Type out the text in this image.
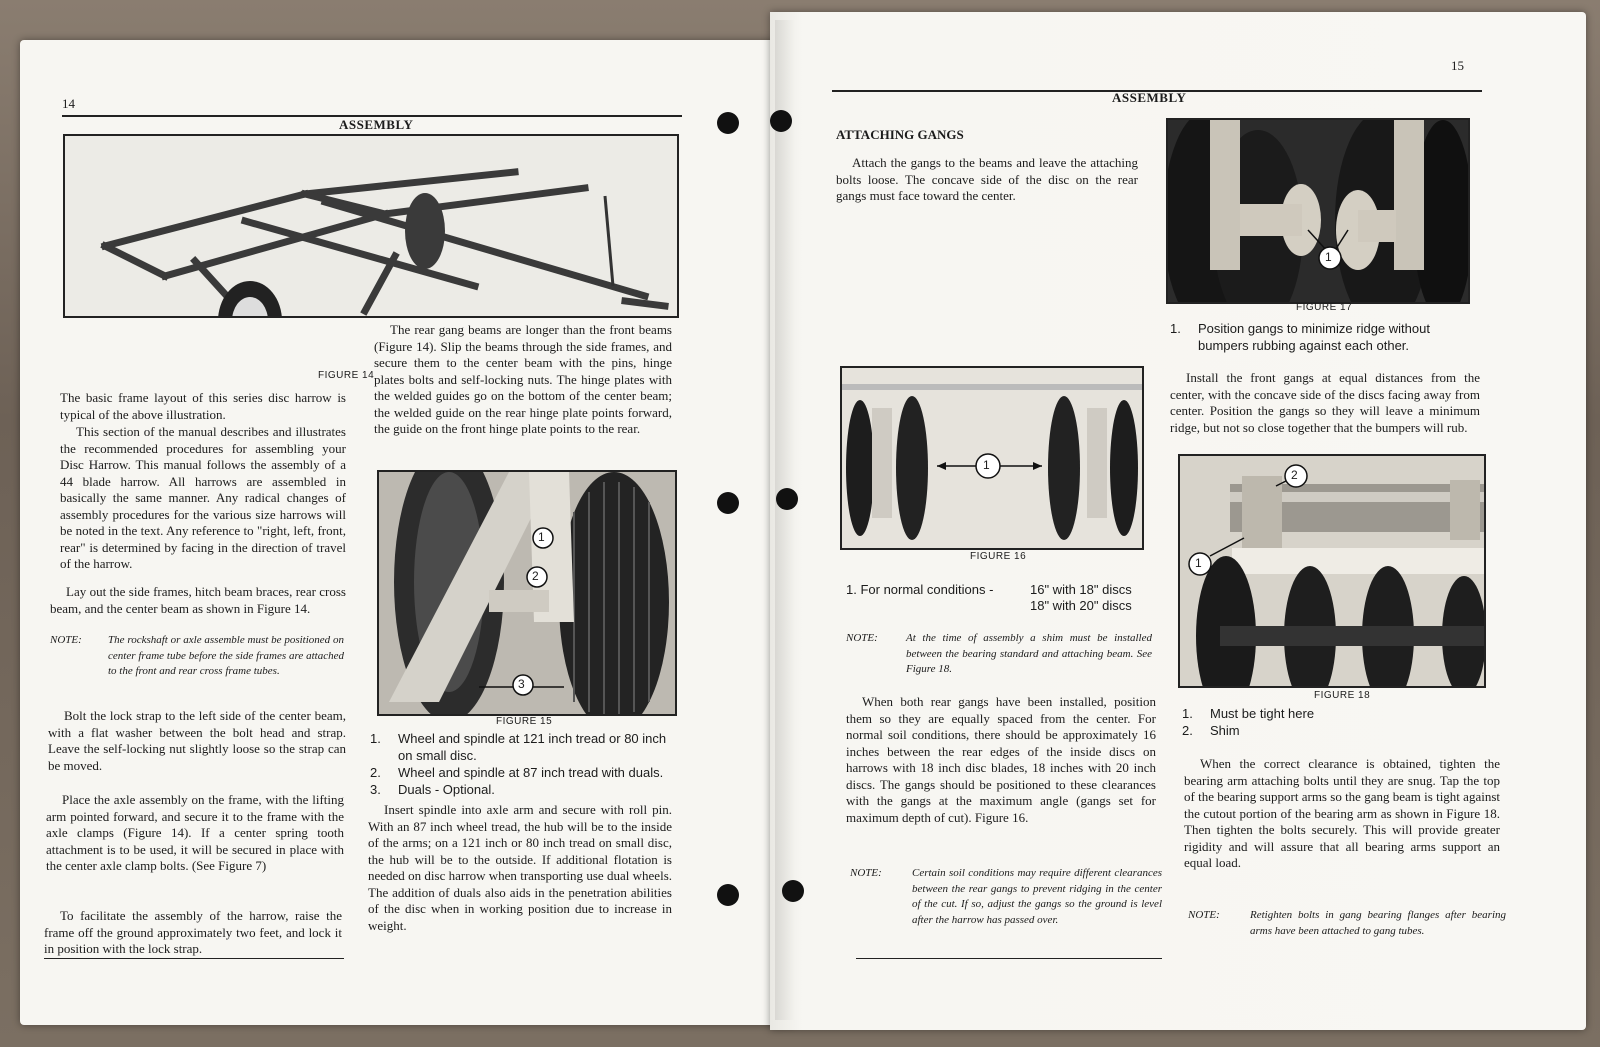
14
ASSEMBLY
FIGURE 14

The basic frame layout of this series disc harrow is typical of the above illustration.

This section of the manual describes and illustrates the recommended procedures for assembling your Disc Harrow. This manual follows the assembly of a 44 blade harrow. All harrows are assembled in basically the same manner. Any radical changes of assembly procedures for the various size harrows will be noted in the text. Any reference to "right, left, front, rear" is determined by facing in the direction of travel of the harrow.

Lay out the side frames, hitch beam braces, rear cross beam, and the center beam as shown in Figure 14.

NOTE: The rockshaft or axle assemble must be positioned on center frame tube before the side frames are attached to the front and rear cross frame tubes.

Bolt the lock strap to the left side of the center beam, with a flat washer between the bolt head and strap. Leave the self-locking nut slightly loose so the strap can be moved.

Place the axle assembly on the frame, with the lifting arm pointed forward, and secure it to the frame with the axle clamps (Figure 14). If a center spring tooth attachment is to be used, it will be secured in place with the center axle clamp bolts. (See Figure 7)

To facilitate the assembly of the harrow, raise the frame off the ground approximately two feet, and lock it in position with the lock strap.

The rear gang beams are longer than the front beams (Figure 14). Slip the beams through the side frames, and secure them to the center beam with the pins, hinge plates bolts and self-locking nuts. The hinge plates with the welded guides go on the bottom of the center beam; the welded guide on the rear hinge plate points forward, the guide on the front hinge plate points to the rear.

1
2
3
FIGURE 15
1. Wheel and spindle at 121 inch tread or 80 inch on small disc.
2. Wheel and spindle at 87 inch tread with duals.
3. Duals - Optional.

Insert spindle into axle arm and secure with roll pin. With an 87 inch wheel tread, the hub will be to the inside of the arms; on a 121 inch or 80 inch tread on small disc, the hub will be to the outside. If additional flotation is needed on disc harrow when transporting use dual wheels. The addition of duals also aids in the penetration abilities of the disc when in working position due to increase in weight.

15
ASSEMBLY
ATTACHING GANGS

Attach the gangs to the beams and leave the attaching bolts loose. The concave side of the disc on the rear gangs must face toward the center.

1
FIGURE 16
1. For normal conditions -	16" with 18" discs
18" with 20" discs
NOTE:	At the time of assembly a shim must be installed between the bearing standard and attaching beam. See Figure 18.

When both rear gangs have been installed, position them so they are equally spaced from the center. For normal soil conditions, there should be approximately 16 inches between the rear edges of the inside discs on harrows with 18 inch disc blades, 18 inches with 20 inch discs. The gangs should be positioned to these clearances with the gangs at the maximum angle (gangs set for maximum depth of cut). Figure 16.

NOTE:	Certain soil conditions may require different clearances between the rear gangs to prevent ridging in the center of the cut. If so, adjust the gangs so the ground is level after the harrow has passed over.
1
FIGURE 17
1. Position gangs to minimize ridge without bumpers rubbing against each other.

Install the front gangs at equal distances from the center, with the concave side of the discs facing away from center. Position the gangs so they will leave a minimum ridge, but not so close together that the bumpers will rub.

1
2
FIGURE 18
1. Must be tight here
2. Shim

When the correct clearance is obtained, tighten the bearing arm attaching bolts until they are snug. Tap the top of the bearing support arms so the gang beam is tight against the cutout portion of the bearing arm as shown in Figure 18. Then tighten the bolts securely. This will provide greater rigidity and will assure that all bearing arms support an equal load.

NOTE:	Retighten bolts in gang bearing flanges after bearing arms have been attached to gang tubes.
